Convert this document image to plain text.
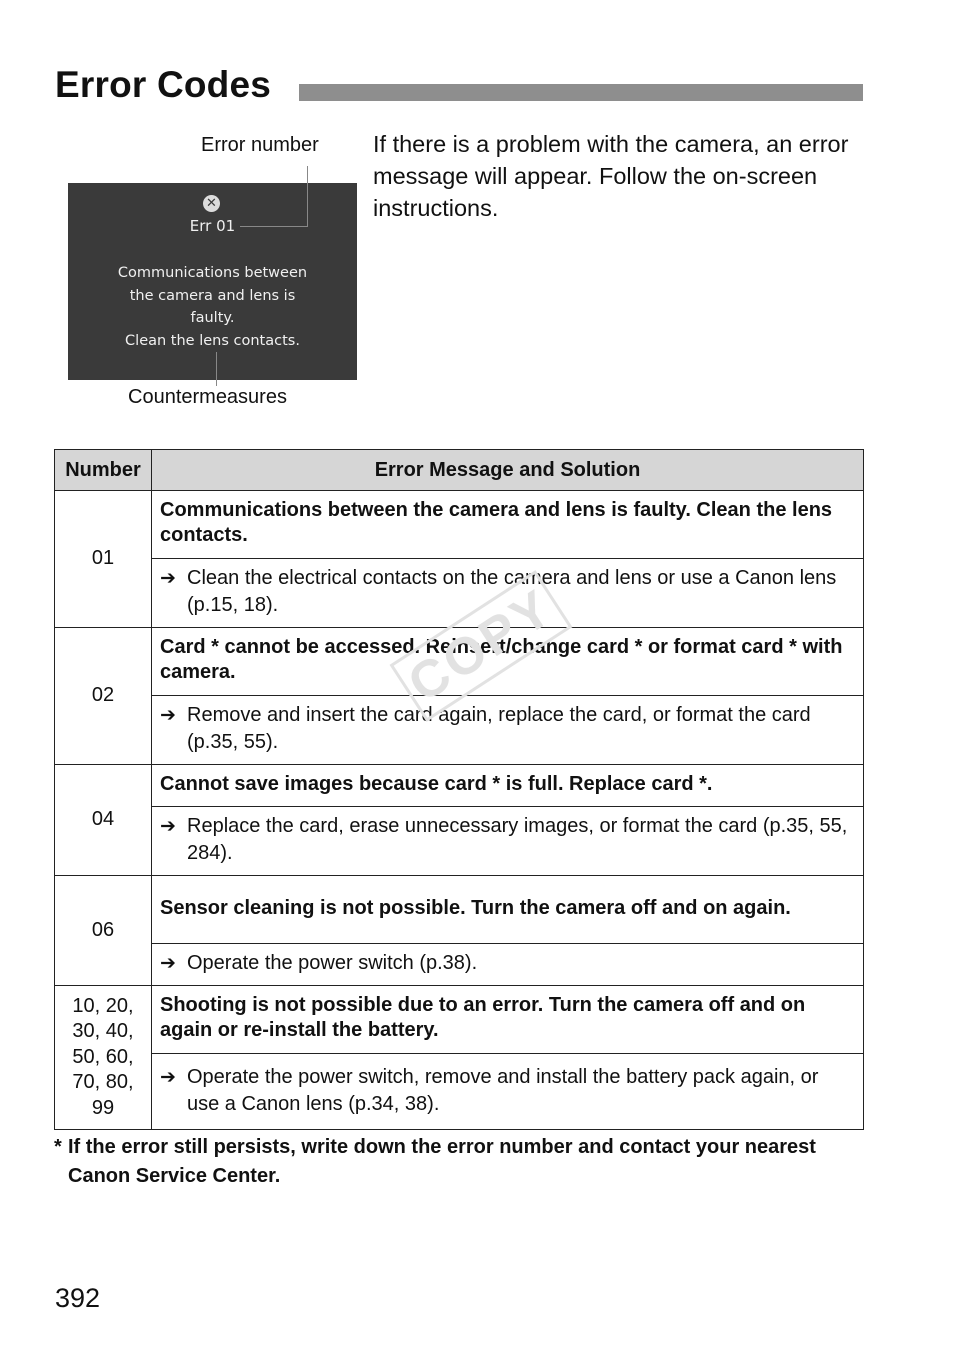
Error Codes
Error number
✕
Err 01
Communications between
the camera and lens is
faulty.
Clean the lens contacts.
Countermeasures
If there is a problem with the camera, an error message will appear. Follow the on-screen instructions.
Number	Error Message and Solution
01	Communications between the camera and lens is faulty. Clean the lens contacts.

	➔ Clean the electrical contacts on the camera and lens or use a Canon lens (p.15, 18).

02	Card * cannot be accessed. Reinsert/change card * or format card * with camera.

	➔ Remove and insert the card again, replace the card, or format the card (p.35, 55).

04	Cannot save images because card * is full. Replace card *.

	➔ Replace the card, erase unnecessary images, or format the card (p.35, 55, 284).

06	Sensor cleaning is not possible. Turn the camera off and on again.

	➔ Operate the power switch (p.38).

10, 20,
30, 40,
50, 60,
70, 80,
99	Shooting is not possible due to an error. Turn the camera off and on again or re-install the battery.

	➔ Operate the power switch, remove and install the battery pack again, or use a Canon lens (p.34, 38).
COPY
* If the error still persists, write down the error number and contact your nearest Canon Service Center.
392
